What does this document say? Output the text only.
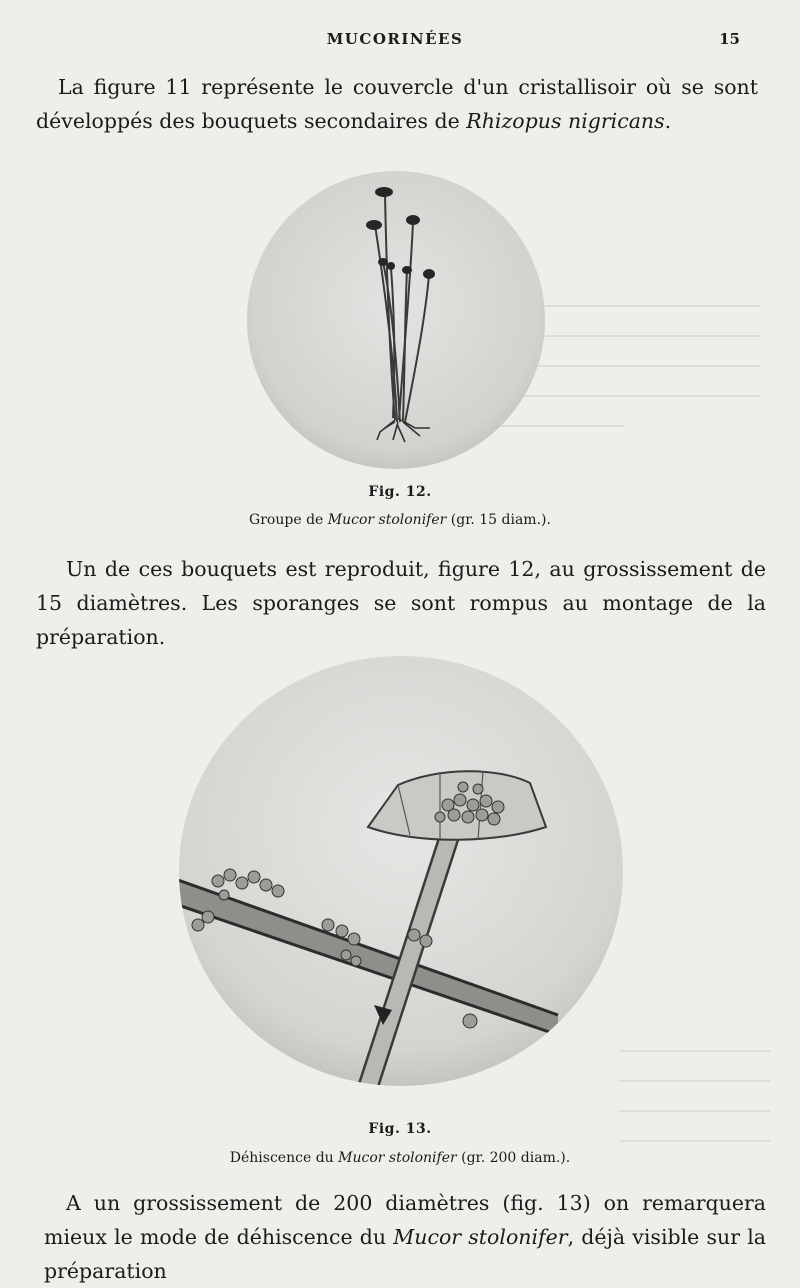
MUCORINÉES	15

La figure 11 représente le couvercle d'un cristallisoir où se sont développés des bouquets secondaires de Rhizopus nigricans.

Fig. 12.
Groupe de Mucor stolonifer (gr. 15 diam.).

Un de ces bouquets est reproduit, figure 12, au grossissement de 15 diamètres. Les sporanges se sont rompus au montage de la préparation.

Fig. 13.
Déhiscence du Mucor stolonifer (gr. 200 diam.).

A un grossissement de 200 diamètres (fig. 13) on remarquera mieux le mode de déhiscence du Mucor stolonifer, déjà visible sur la préparation
